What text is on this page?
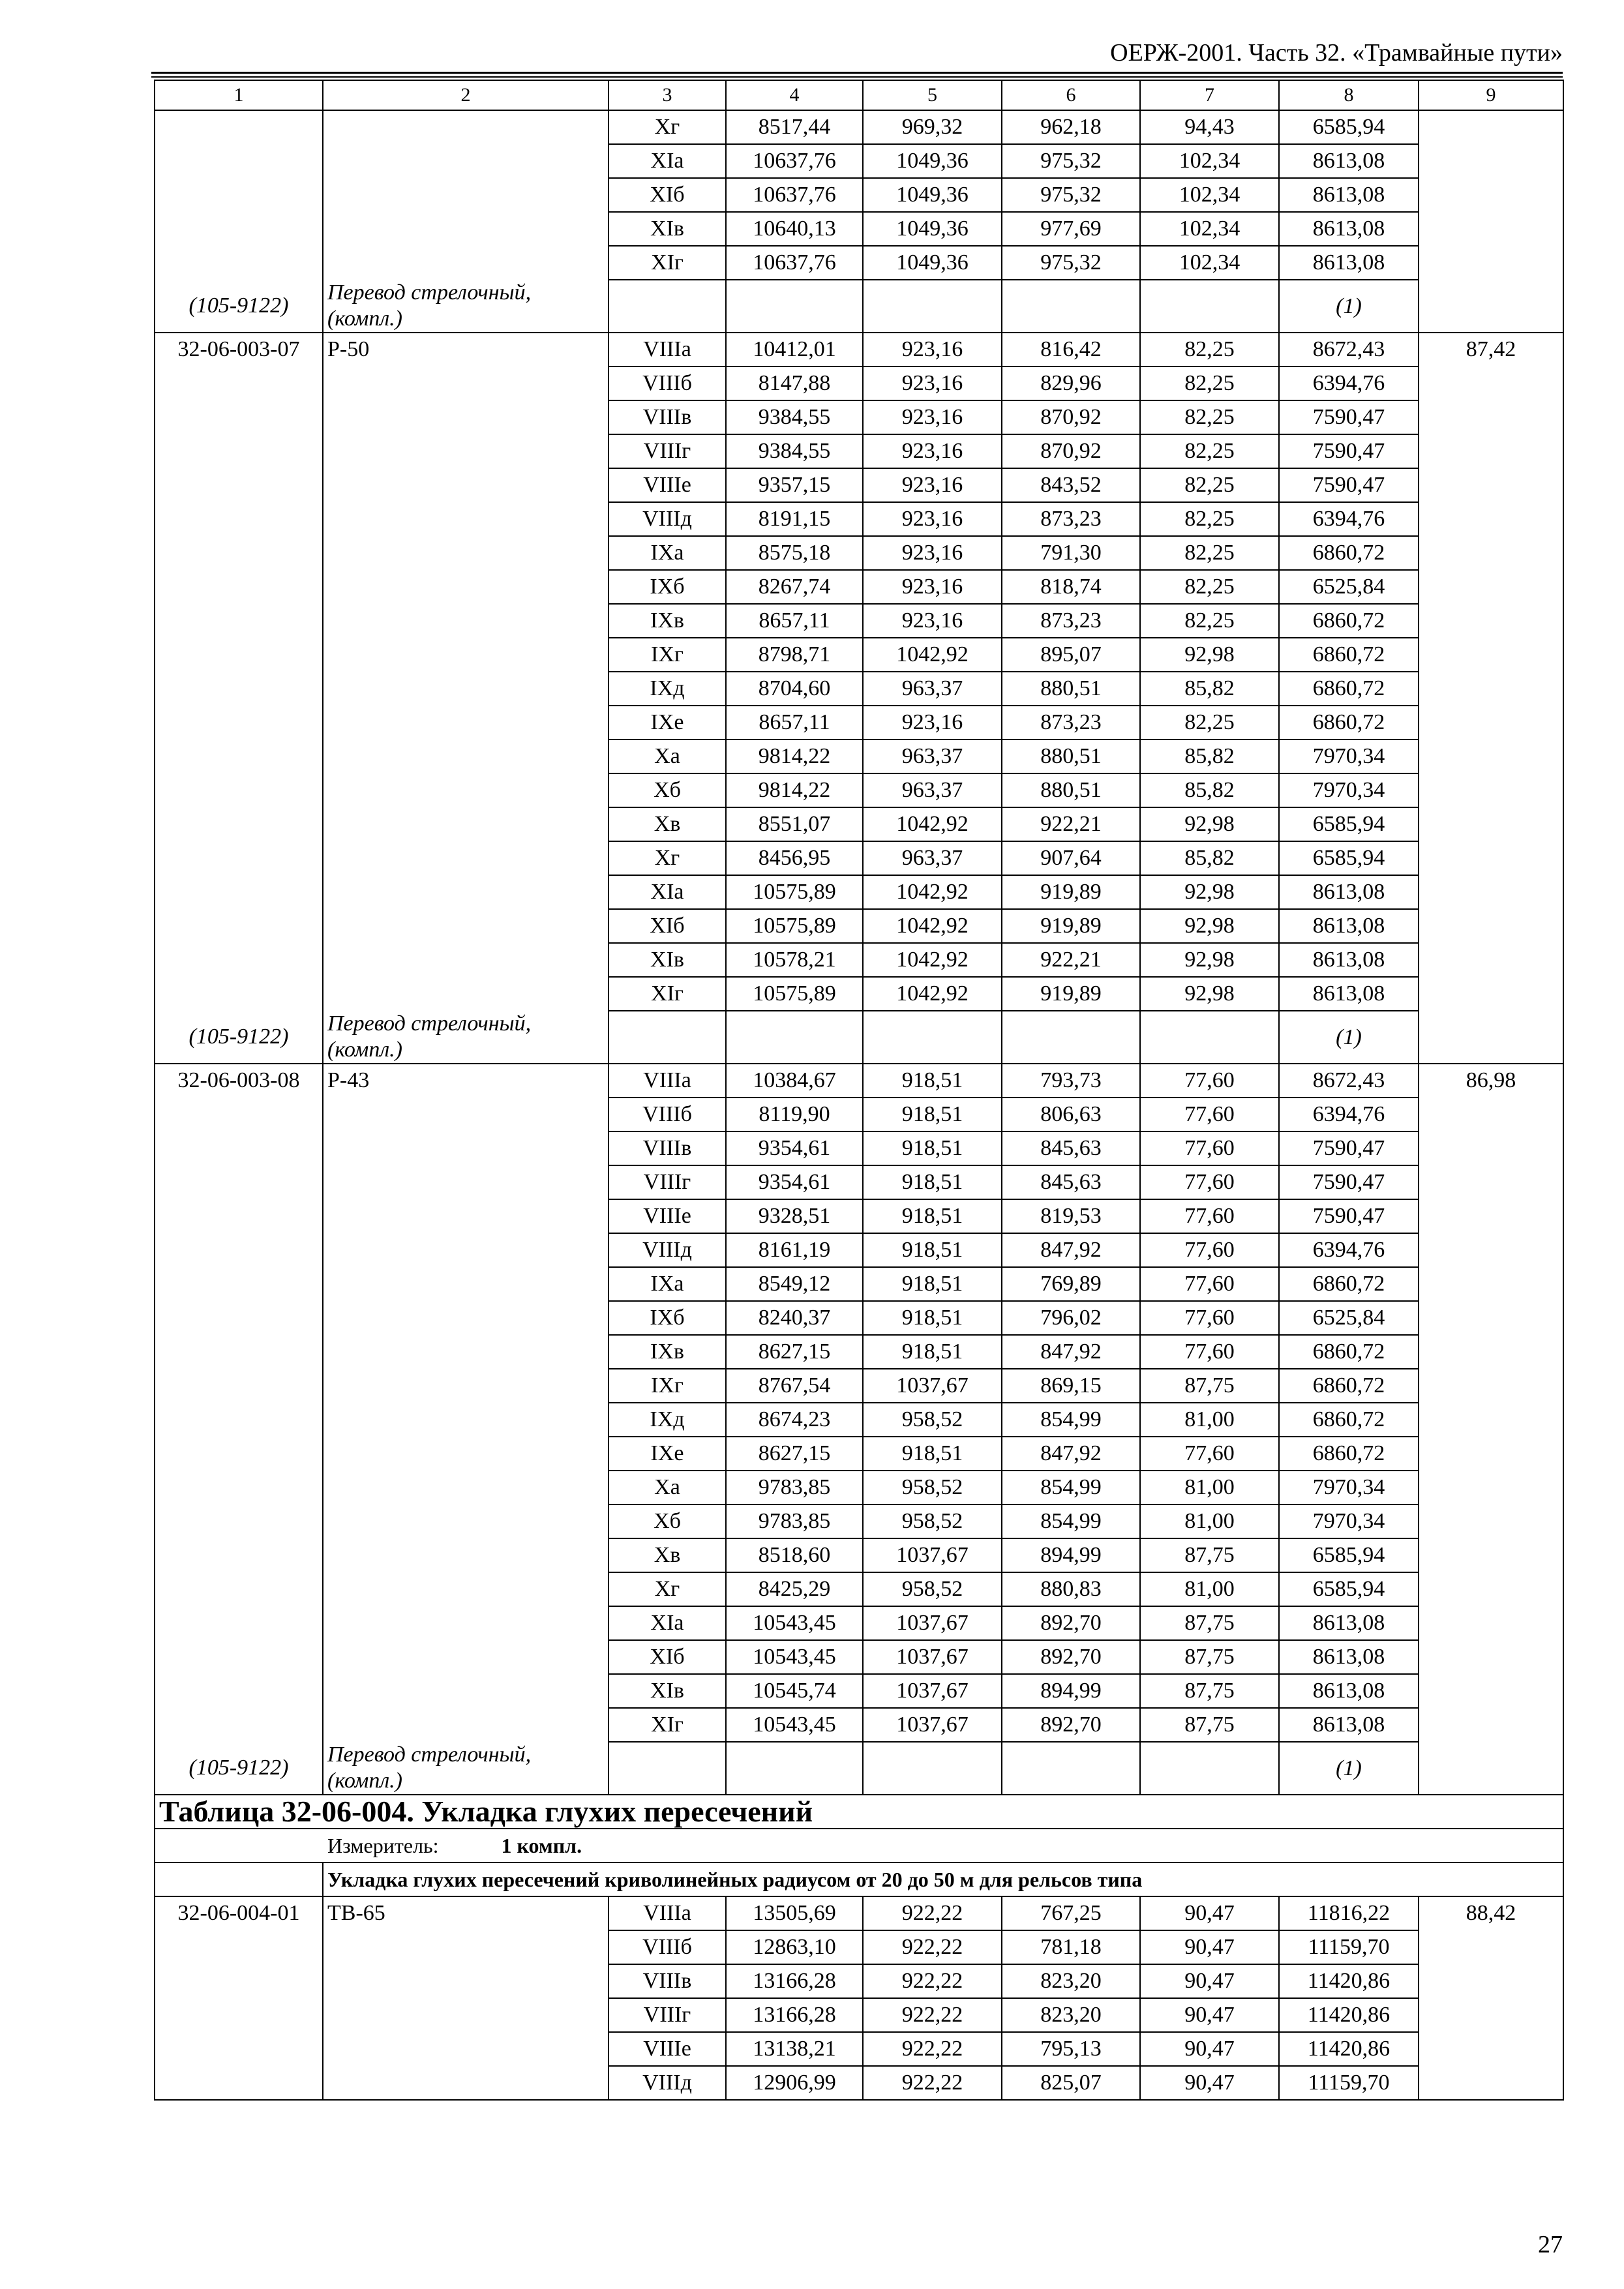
ОЕРЖ-2001. Часть 32. «Трамвайные пути»
1	2	3	4	5	6	7	8	9
		Xг	8517,44	969,32	962,18	94,43	6585,94	
		XIа	10637,76	1049,36	975,32	102,34	8613,08	
		XIб	10637,76	1049,36	975,32	102,34	8613,08	
		XIв	10640,13	1049,36	977,69	102,34	8613,08	
		XIг	10637,76	1049,36	975,32	102,34	8613,08	
(105-9122)	Перевод стрелочный, (компл.)						(1)	
32-06-003-07	Р-50	VIIIа	10412,01	923,16	816,42	82,25	8672,43	87,42
		VIIIб	8147,88	923,16	829,96	82,25	6394,76	
		VIIIв	9384,55	923,16	870,92	82,25	7590,47	
		VIIIг	9384,55	923,16	870,92	82,25	7590,47	
		VIIIе	9357,15	923,16	843,52	82,25	7590,47	
		VIIIд	8191,15	923,16	873,23	82,25	6394,76	
		IXа	8575,18	923,16	791,30	82,25	6860,72	
		IXб	8267,74	923,16	818,74	82,25	6525,84	
		IXв	8657,11	923,16	873,23	82,25	6860,72	
		IXг	8798,71	1042,92	895,07	92,98	6860,72	
		IXд	8704,60	963,37	880,51	85,82	6860,72	
		IXе	8657,11	923,16	873,23	82,25	6860,72	
		Xа	9814,22	963,37	880,51	85,82	7970,34	
		Xб	9814,22	963,37	880,51	85,82	7970,34	
		Xв	8551,07	1042,92	922,21	92,98	6585,94	
		Xг	8456,95	963,37	907,64	85,82	6585,94	
		XIа	10575,89	1042,92	919,89	92,98	8613,08	
		XIб	10575,89	1042,92	919,89	92,98	8613,08	
		XIв	10578,21	1042,92	922,21	92,98	8613,08	
		XIг	10575,89	1042,92	919,89	92,98	8613,08	
(105-9122)	Перевод стрелочный, (компл.)						(1)	
32-06-003-08	Р-43	VIIIа	10384,67	918,51	793,73	77,60	8672,43	86,98
		VIIIб	8119,90	918,51	806,63	77,60	6394,76	
		VIIIв	9354,61	918,51	845,63	77,60	7590,47	
		VIIIг	9354,61	918,51	845,63	77,60	7590,47	
		VIIIе	9328,51	918,51	819,53	77,60	7590,47	
		VIIIд	8161,19	918,51	847,92	77,60	6394,76	
		IXа	8549,12	918,51	769,89	77,60	6860,72	
		IXб	8240,37	918,51	796,02	77,60	6525,84	
		IXв	8627,15	918,51	847,92	77,60	6860,72	
		IXг	8767,54	1037,67	869,15	87,75	6860,72	
		IXд	8674,23	958,52	854,99	81,00	6860,72	
		IXе	8627,15	918,51	847,92	77,60	6860,72	
		Xа	9783,85	958,52	854,99	81,00	7970,34	
		Xб	9783,85	958,52	854,99	81,00	7970,34	
		Xв	8518,60	1037,67	894,99	87,75	6585,94	
		Xг	8425,29	958,52	880,83	81,00	6585,94	
		XIа	10543,45	1037,67	892,70	87,75	8613,08	
		XIб	10543,45	1037,67	892,70	87,75	8613,08	
		XIв	10545,74	1037,67	894,99	87,75	8613,08	
		XIг	10543,45	1037,67	892,70	87,75	8613,08	
(105-9122)	Перевод стрелочный, (компл.)						(1)	
Таблица 32-06-004. Укладка глухих пересечений								
Измеритель: 1 компл.								
	Укладка глухих пересечений криволинейных радиусом от 20 до 50 м для рельсов типа							
32-06-004-01	ТВ-65	VIIIа	13505,69	922,22	767,25	90,47	11816,22	88,42
		VIIIб	12863,10	922,22	781,18	90,47	11159,70	
		VIIIв	13166,28	922,22	823,20	90,47	11420,86	
		VIIIг	13166,28	922,22	823,20	90,47	11420,86	
		VIIIе	13138,21	922,22	795,13	90,47	11420,86	
		VIIIд	12906,99	922,22	825,07	90,47	11159,70	
27
